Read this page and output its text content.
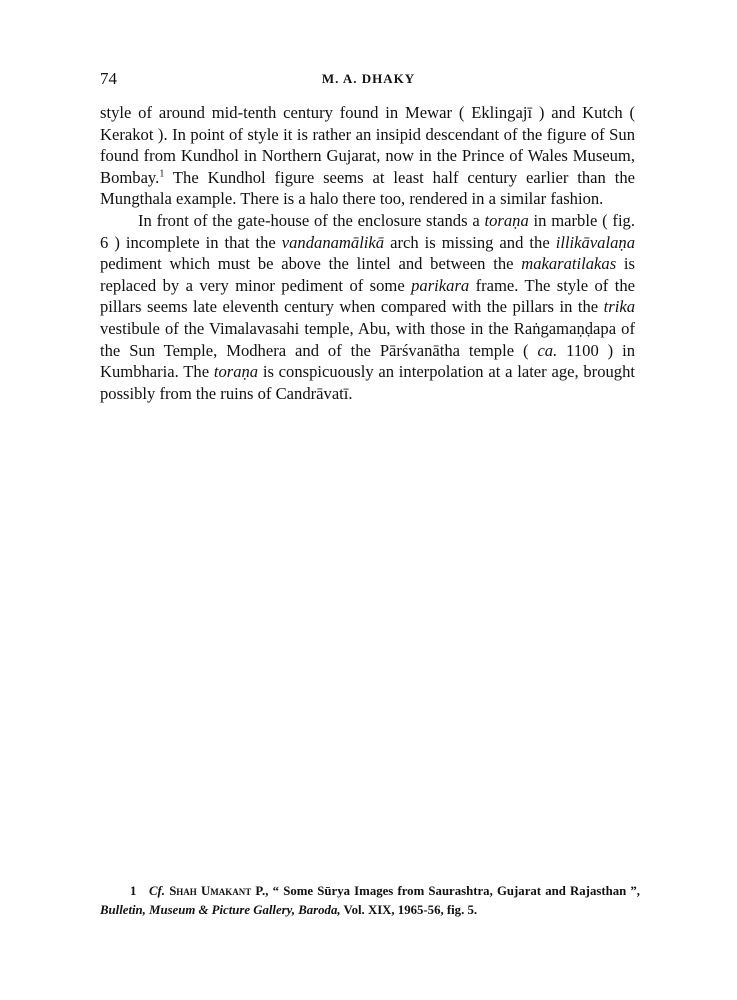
74	M. A. DHAKY

style of around mid-tenth century found in Mewar ( Eklingajī ) and Kutch ( Kerakot ). In point of style it is rather an insipid descendant of the figure of Sun found from Kundhol in Northern Gujarat, now in the Prince of Wales Museum, Bombay.$^1$ The Kundhol figure seems at least half century earlier than the Mungthala example. There is a halo there too, rendered in a similar fashion.

In front of the gate-house of the enclosure stands a toraṇa in marble ( fig. 6 ) incomplete in that the vandanamālikā arch is missing and the illikāvalaṇa pediment which must be above the lintel and between the makaratilakas is replaced by a very minor pediment of some parikara frame. The style of the pillars seems late eleventh century when compared with the pillars in the trika vestibule of the Vimalavasahi temple, Abu, with those in the Raṅgamaṇḍapa of the Sun Temple, Modhera and of the Pārśvanātha temple ( ca. 1100 ) in Kumbharia. The toraṇa is conspicuously an interpolation at a later age, brought possibly from the ruins of Candrāvatī.

1 Cf. Shah Umakant P., “ Some Sūrya Images from Saurashtra, Gujarat and Rajasthan ”, Bulletin, Museum & Picture Gallery, Baroda, Vol. XIX, 1965-56, fig. 5.
